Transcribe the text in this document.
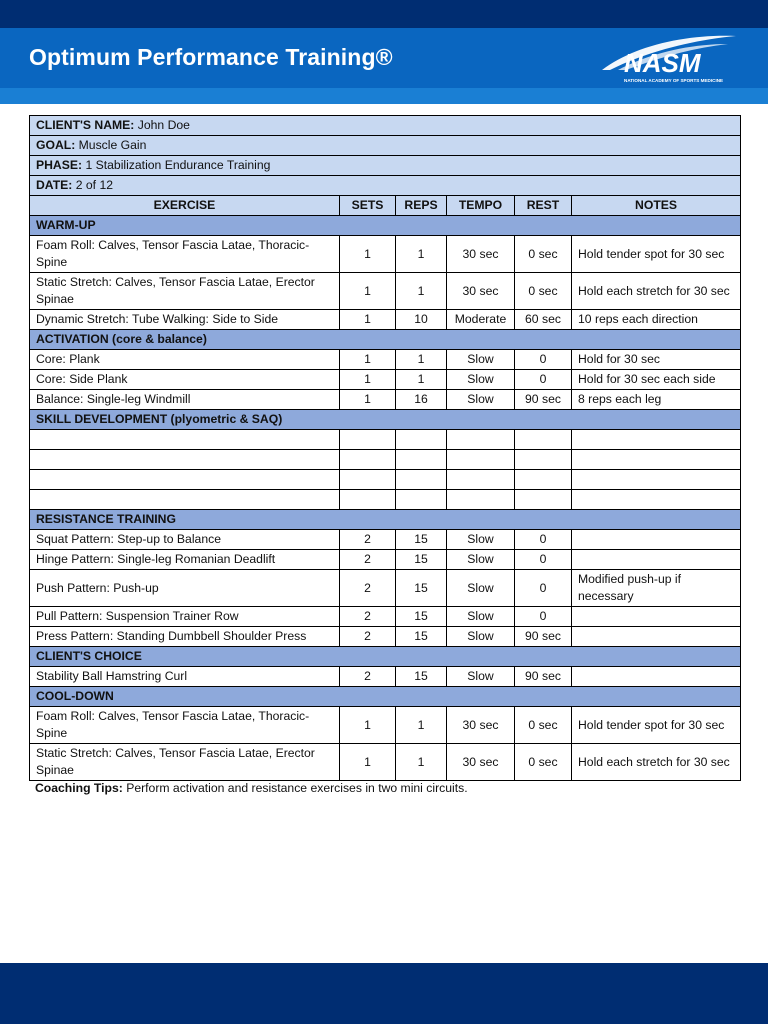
Optimum Performance Training®	NASM
NATIONAL ACADEMY OF SPORTS MEDICINE
CLIENT'S NAME: John Doe					
GOAL: Muscle Gain					
PHASE: 1 Stabilization Endurance Training					
DATE: 2 of 12					
EXERCISE	SETS	REPS	TEMPO	REST	NOTES
WARM-UP					
Foam Roll: Calves, Tensor Fascia Latae, Thoracic-Spine	1	1	30 sec	0 sec	Hold tender spot for 30 sec
Static Stretch: Calves, Tensor Fascia Latae, Erector Spinae	1	1	30 sec	0 sec	Hold each stretch for 30 sec
Dynamic Stretch: Tube Walking: Side to Side	1	10	Moderate	60 sec	10 reps each direction
ACTIVATION (core & balance)					
Core: Plank	1	1	Slow	0	Hold for 30 sec
Core: Side Plank	1	1	Slow	0	Hold for 30 sec each side
Balance: Single-leg Windmill	1	16	Slow	90 sec	8 reps each leg
SKILL DEVELOPMENT (plyometric & SAQ)					

RESISTANCE TRAINING					
Squat Pattern: Step-up to Balance	2	15	Slow	0	
Hinge Pattern: Single-leg Romanian Deadlift	2	15	Slow	0	
Push Pattern: Push-up	2	15	Slow	0	Modified push-up if necessary
Pull Pattern: Suspension Trainer Row	2	15	Slow	0	
Press Pattern: Standing Dumbbell Shoulder Press	2	15	Slow	90 sec	
CLIENT'S CHOICE					
Stability Ball Hamstring Curl	2	15	Slow	90 sec	
COOL-DOWN					
Foam Roll: Calves, Tensor Fascia Latae, Thoracic-Spine	1	1	30 sec	0 sec	Hold tender spot for 30 sec
Static Stretch: Calves, Tensor Fascia Latae, Erector Spinae	1	1	30 sec	0 sec	Hold each stretch for 30 sec
Coaching Tips: Perform activation and resistance exercises in two mini circuits.
